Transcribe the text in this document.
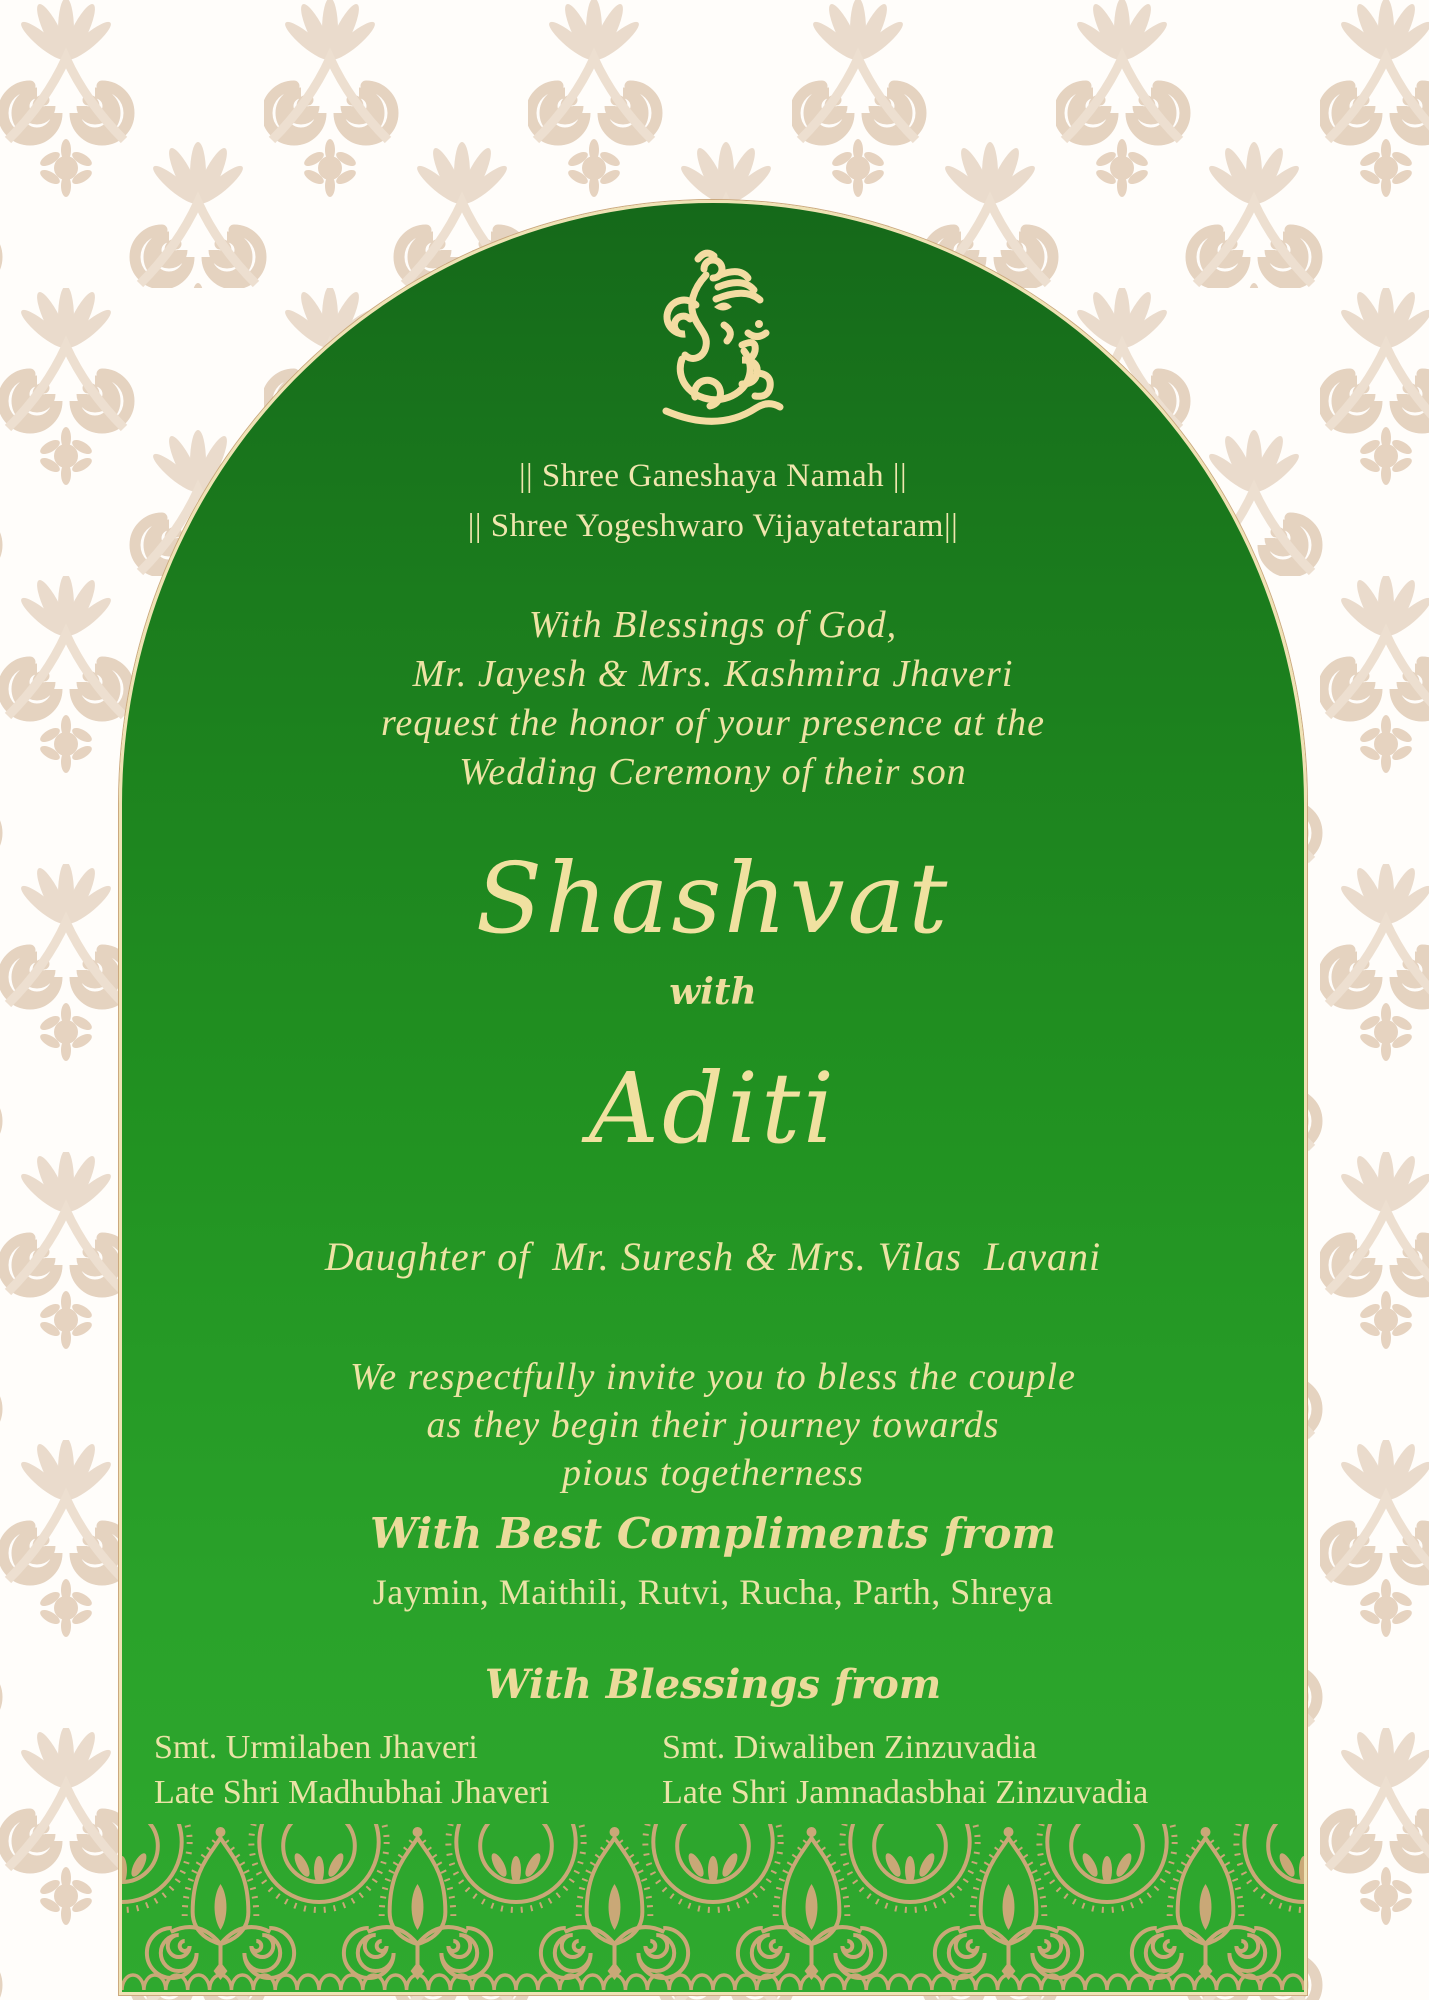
|| Shree Ganeshaya Namah ||
|| Shree Yogeshwaro Vijayatetaram||
With Blessings of God,
Mr. Jayesh & Mrs. Kashmira Jhaveri
request the honor of your presence at the
Wedding Ceremony of their son
Shashvat
with
Aditi
Daughter of  Mr. Suresh & Mrs. Vilas  Lavani
We respectfully invite you to bless the couple
as they begin their journey towards
pious togetherness
With Best Compliments from
Jaymin, Maithili, Rutvi, Rucha, Parth, Shreya
With Blessings from
Smt. Urmilaben Jhaveri
Late Shri Madhubhai Jhaveri
Smt. Diwaliben Zinzuvadia
Late Shri Jamnadasbhai Zinzuvadia
